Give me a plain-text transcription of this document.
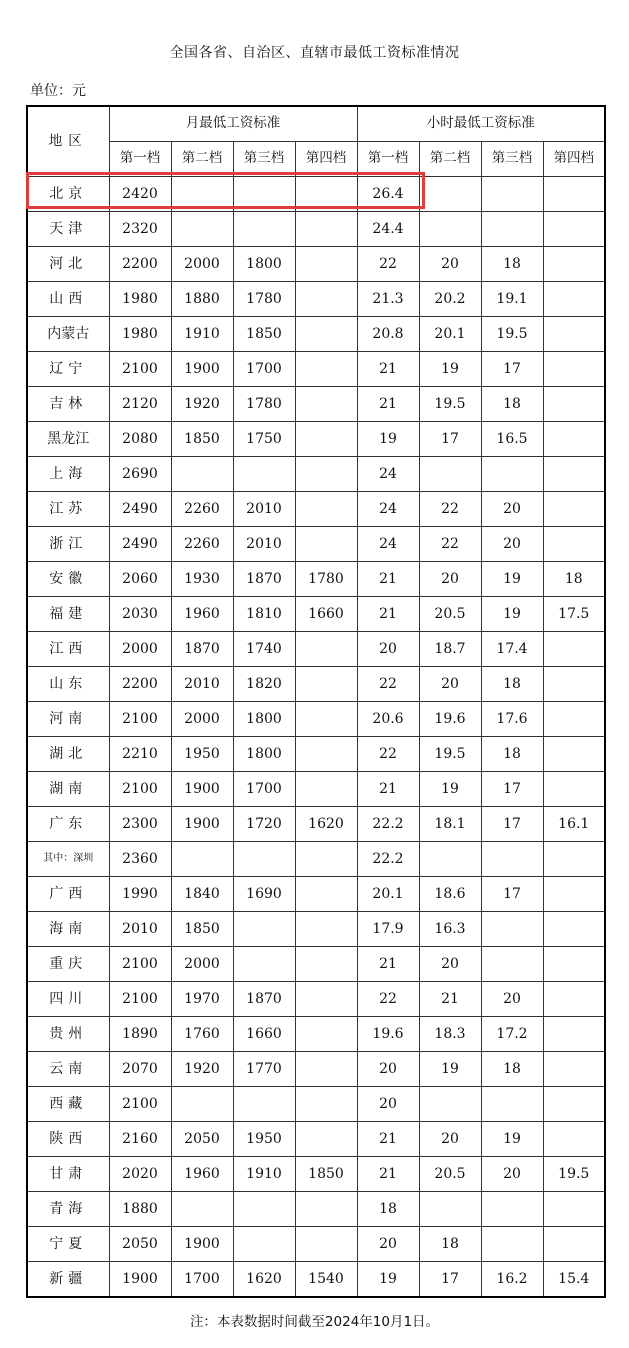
全国各省、自治区、直辖市最低工资标准情况
单位：元
地区	月最低工资标准				小时最低工资标准			
	第一档	第二档	第三档	第四档	第一档	第二档	第三档	第四档
北京	2420				26.4			
天津	2320				24.4			
河北	2200	2000	1800		22	20	18	
山西	1980	1880	1780		21.3	20.2	19.1	
内蒙古	1980	1910	1850		20.8	20.1	19.5	
辽宁	2100	1900	1700		21	19	17	
吉林	2120	1920	1780		21	19.5	18	
黑龙江	2080	1850	1750		19	17	16.5	
上海	2690				24			
江苏	2490	2260	2010		24	22	20	
浙江	2490	2260	2010		24	22	20	
安徽	2060	1930	1870	1780	21	20	19	18
福建	2030	1960	1810	1660	21	20.5	19	17.5
江西	2000	1870	1740		20	18.7	17.4	
山东	2200	2010	1820		22	20	18	
河南	2100	2000	1800		20.6	19.6	17.6	
湖北	2210	1950	1800		22	19.5	18	
湖南	2100	1900	1700		21	19	17	
广东	2300	1900	1720	1620	22.2	18.1	17	16.1
其中：深圳	2360				22.2			
广西	1990	1840	1690		20.1	18.6	17	
海南	2010	1850			17.9	16.3		
重庆	2100	2000			21	20		
四川	2100	1970	1870		22	21	20	
贵州	1890	1760	1660		19.6	18.3	17.2	
云南	2070	1920	1770		20	19	18	
西藏	2100				20			
陕西	2160	2050	1950		21	20	19	
甘肃	2020	1960	1910	1850	21	20.5	20	19.5
青海	1880				18			
宁夏	2050	1900			20	18		
新疆	1900	1700	1620	1540	19	17	16.2	15.4
注：本表数据时间截至2024年10月1日。
